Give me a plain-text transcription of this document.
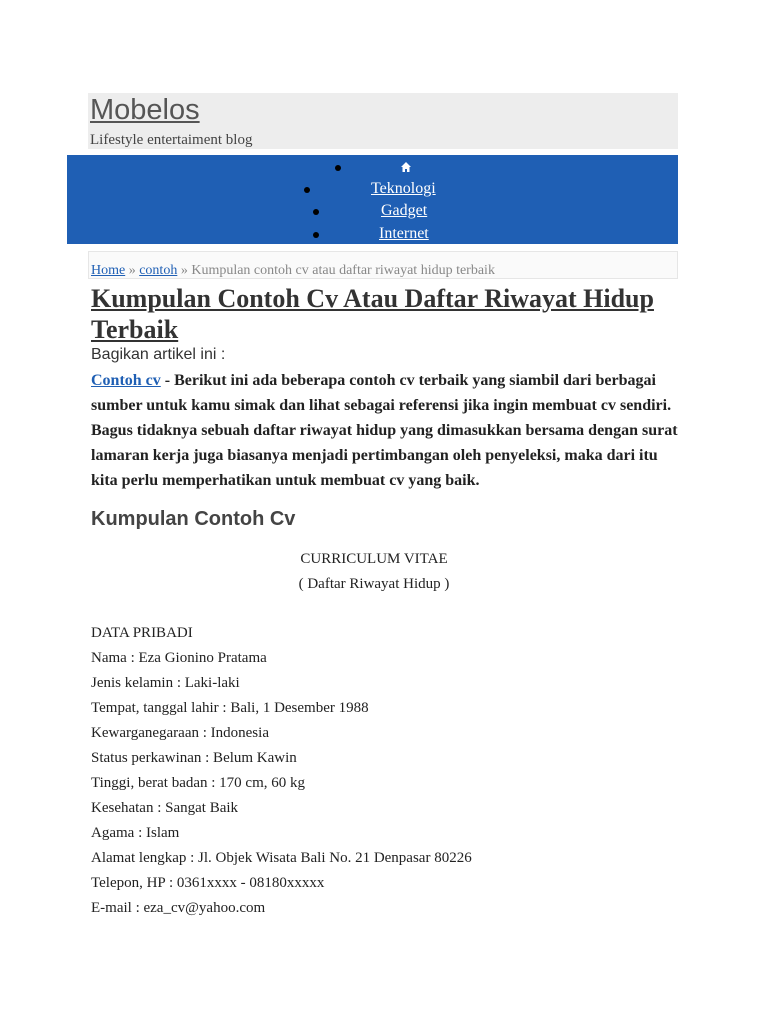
Mobelos
Lifestyle entertaiment blog
Teknologi
Gadget
Internet
Home » contoh » Kumpulan contoh cv atau daftar riwayat hidup terbaik
Kumpulan Contoh Cv Atau Daftar Riwayat Hidup Terbaik
Bagikan artikel ini :
Contoh cv - Berikut ini ada beberapa contoh cv terbaik yang siambil dari berbagai sumber untuk kamu simak dan lihat sebagai referensi jika ingin membuat cv sendiri. Bagus tidaknya sebuah daftar riwayat hidup yang dimasukkan bersama dengan surat lamaran kerja juga biasanya menjadi pertimbangan oleh penyeleksi, maka dari itu kita perlu memperhatikan untuk membuat cv yang baik.
Kumpulan Contoh Cv
CURRICULUM VITAE
( Daftar Riwayat Hidup )
DATA PRIBADI
Nama : Eza Gionino Pratama
Jenis kelamin : Laki-laki
Tempat, tanggal lahir : Bali, 1 Desember 1988
Kewarganegaraan : Indonesia
Status perkawinan : Belum Kawin
Tinggi, berat badan : 170 cm, 60 kg
Kesehatan : Sangat Baik
Agama : Islam
Alamat lengkap : Jl. Objek Wisata Bali No. 21 Denpasar 80226
Telepon, HP : 0361xxxx - 08180xxxxx
E-mail : eza_cv@yahoo.com
